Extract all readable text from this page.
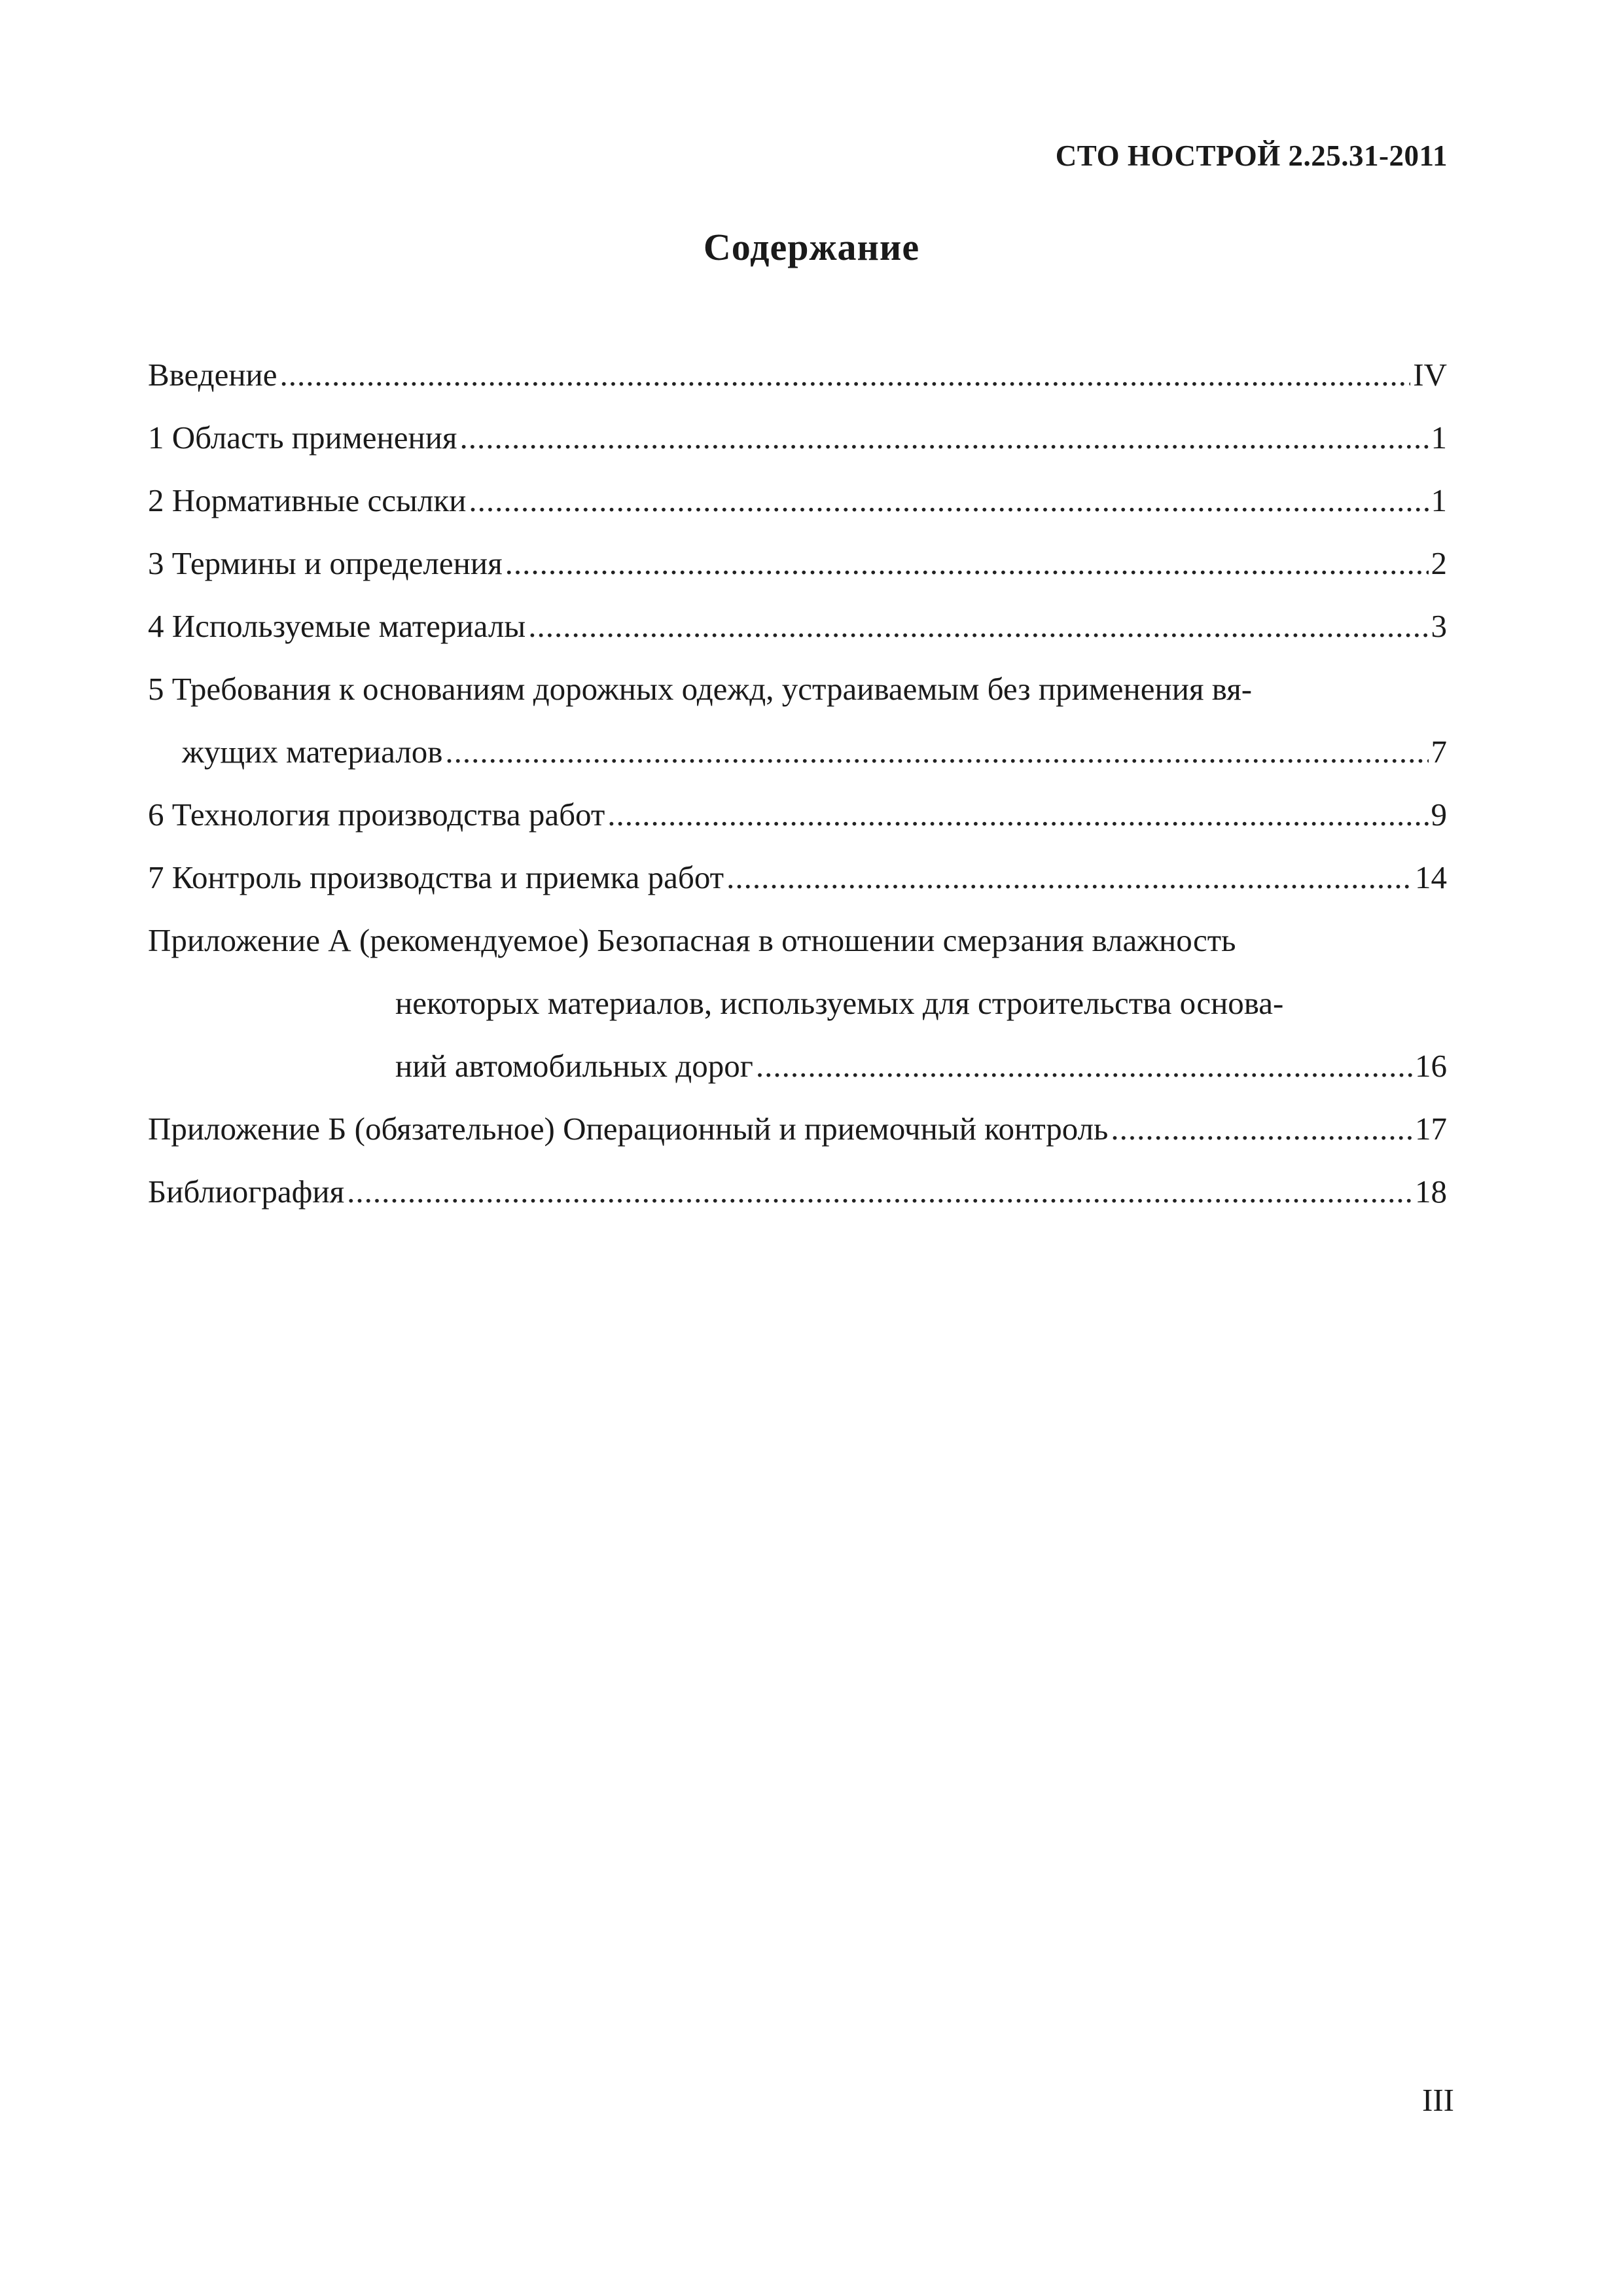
СТО НОСТРОЙ 2.25.31-2011
Содержание
Введение .....	IV
1 Область применения .....	1
2 Нормативные ссылки .....	1
3 Термины и определения .....	2
4 Используемые материалы .....	3
5 Требования к основаниям дорожных одежд, устраиваемым без применения вя-
жущих материалов .....	7
6 Технология производства работ .....	9
7 Контроль производства и приемка работ .....	14
Приложение А (рекомендуемое) Безопасная в отношении смерзания влажность
некоторых материалов, используемых для строительства основа-
ний автомобильных дорог .....	16
Приложение Б (обязательное) Операционный и приемочный контроль .....	17
Библиография .....	18
III
